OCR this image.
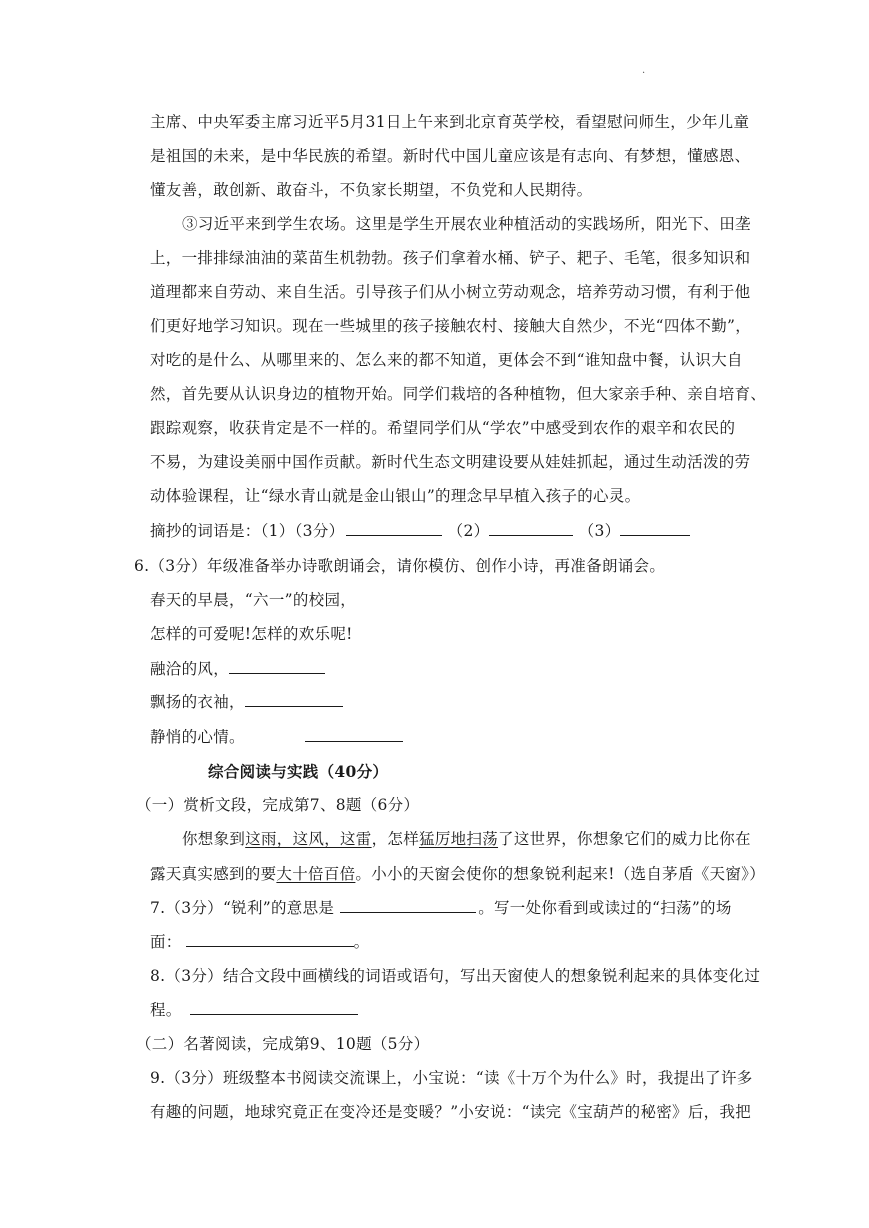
.
主席、中央军委主席习近平5月31日上午来到北京育英学校，看望慰问师生，少年儿童
是祖国的未来，是中华民族的希望。新时代中国儿童应该是有志向、有梦想，懂感恩、
懂友善，敢创新、敢奋斗，不负家长期望，不负党和人民期待。
③习近平来到学生农场。这里是学生开展农业种植活动的实践场所，阳光下、田垄
上，一排排绿油油的菜苗生机勃勃。孩子们拿着水桶、铲子、耙子、毛笔，很多知识和
道理都来自劳动、来自生活。引导孩子们从小树立劳动观念，培养劳动习惯，有利于他
们更好地学习知识。现在一些城里的孩子接触农村、接触大自然少，不光“四体不勤”，
对吃的是什么、从哪里来的、怎么来的都不知道，更体会不到“谁知盘中餐，认识大自
然，首先要从认识身边的植物开始。同学们栽培的各种植物，但大家亲手种、亲自培育、
跟踪观察，收获肯定是不一样的。希望同学们从“学农”中感受到农作的艰辛和农民的
不易，为建设美丽中国作贡献。新时代生态文明建设要从娃娃抓起，通过生动活泼的劳
动体验课程，让“绿水青山就是金山银山”的理念早早植入孩子的心灵。
摘抄的词语是：（1）（3分）	（2）	（3）
6.（3分）年级准备举办诗歌朗诵会，请你模仿、创作小诗，再准备朗诵会。
春天的早晨，“六一”的校园，
怎样的可爱呢!怎样的欢乐呢!
融洽的风，
飘扬的衣袖，
静悄的心情。
综合阅读与实践（40分）
（一）赏析文段，完成第7、8题（6分）
你想象到这雨，这风，这雷，怎样猛厉地扫荡了这世界，你想象它们的威力比你在
露天真实感到的要大十倍百倍。小小的天窗会使你的想象锐利起来!（选自茅盾《天窗》）
7.（3分）“锐利”的意思是	。写一处你看到或读过的“扫荡”的场
面：	。
8.（3分）结合文段中画横线的词语或语句，写出天窗使人的想象锐利起来的具体变化过
程。
（二）名著阅读，完成第9、10题（5分）
9.（3分）班级整本书阅读交流课上，小宝说：“读《十万个为什么》时，我提出了许多
有趣的问题，地球究竟正在变冷还是变暖？”小安说：“读完《宝葫芦的秘密》后，我把
